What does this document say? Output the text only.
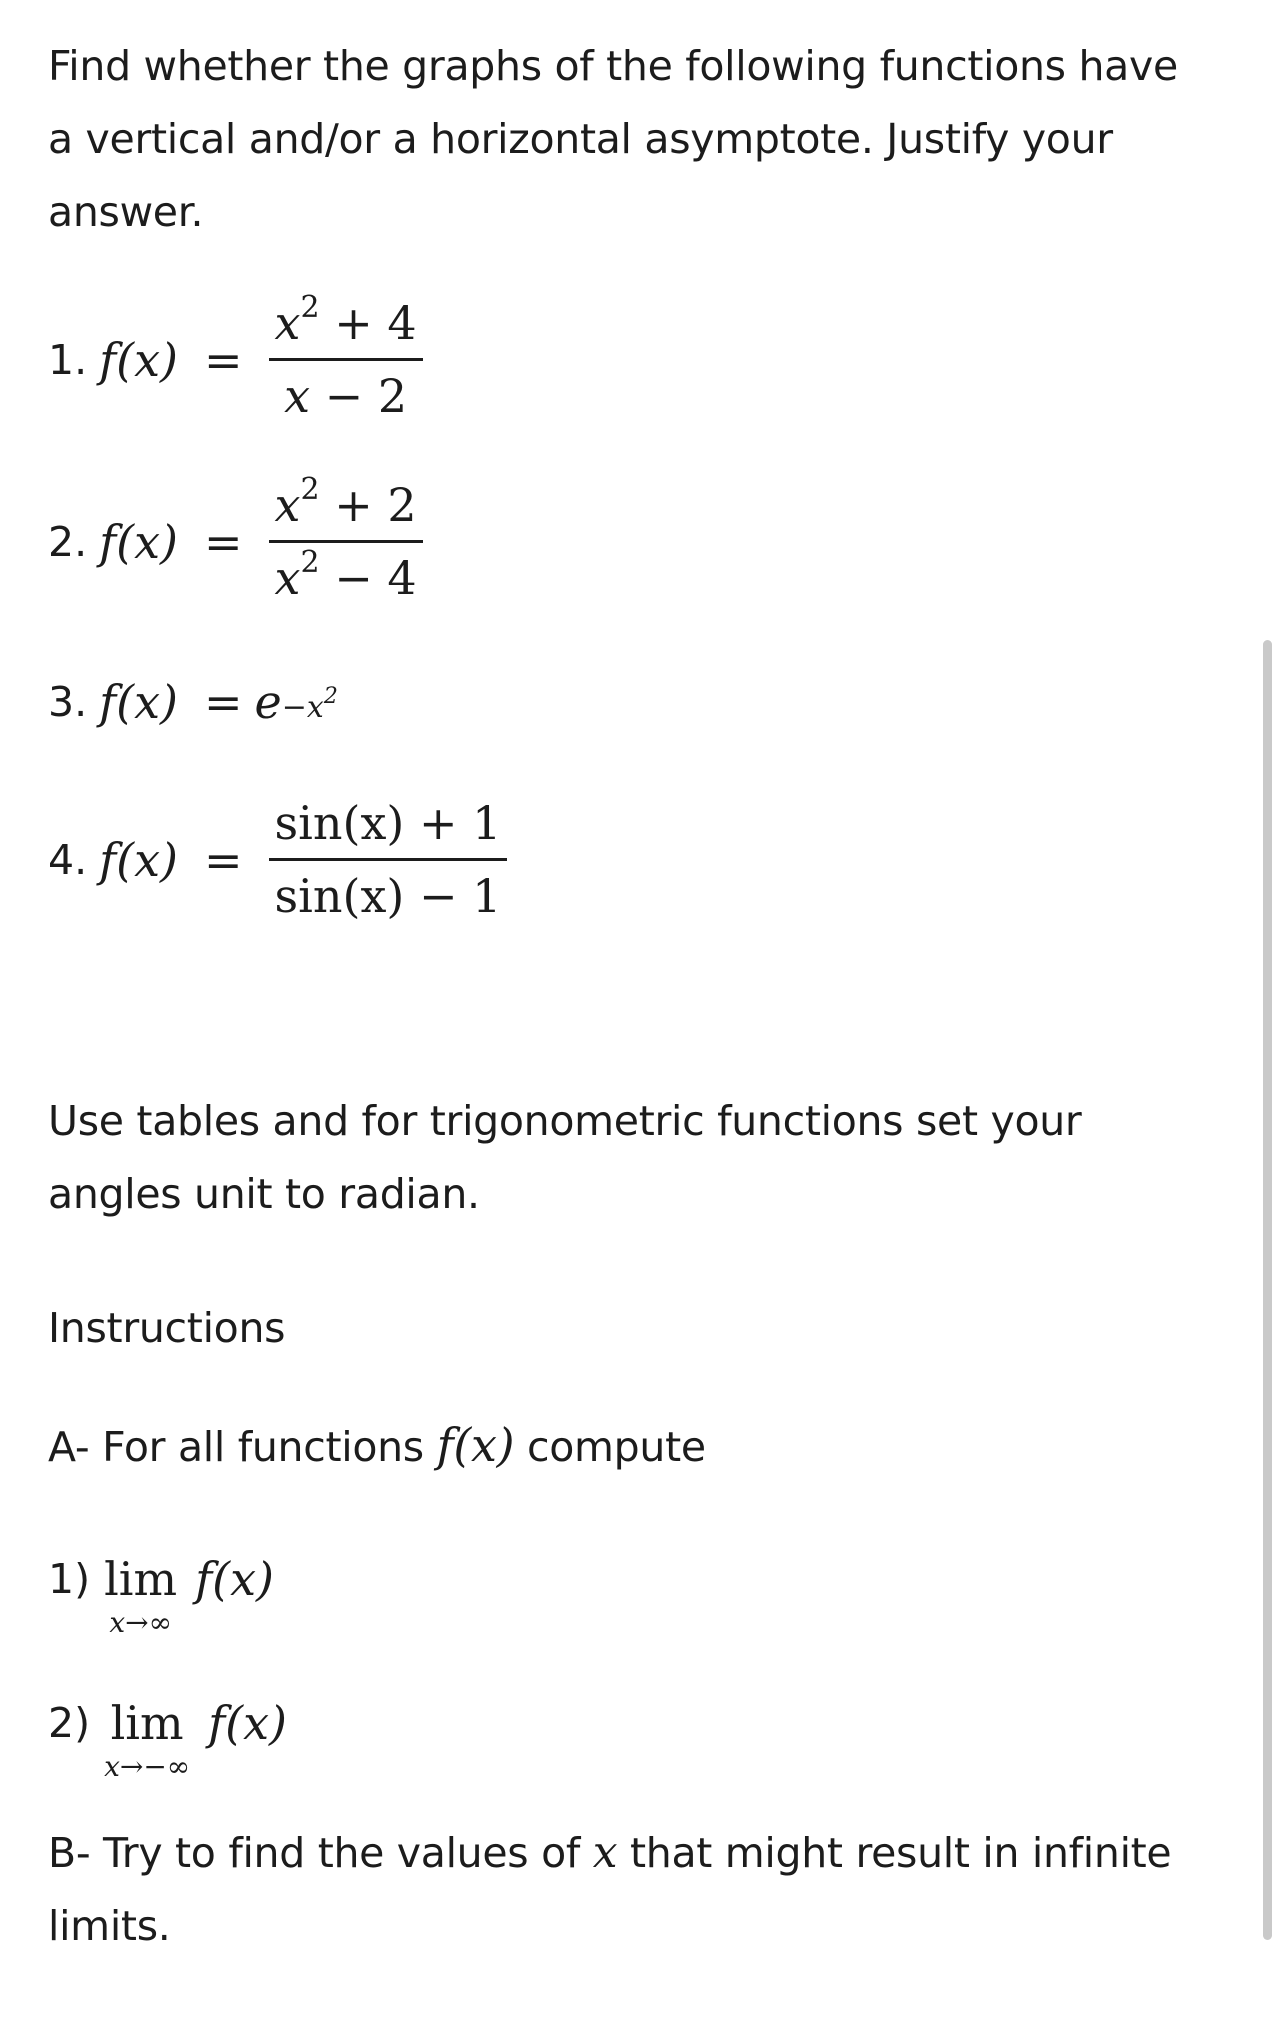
Find whether the graphs of the following functions have
a vertical and/or a horizontal asymptote. Justify your
answer.

1. $f(x) = \frac{x^2 + 4}{x - 2}$
2. $f(x) = \frac{x^2 + 2}{x^2 - 4}$
3. $f(x) = e -x^2$
4. $f(x) = \frac{\sin(x) + 1}{\sin(x) - 1}$

Use tables and for trigonometric functions set your
angles unit to radian.

Instructions

A- For all functions f(x) compute

1) lim
x→∞
f(x)
2) lim
x→−∞
f(x)

B- Try to find the values of x that might result in infinite
limits.
